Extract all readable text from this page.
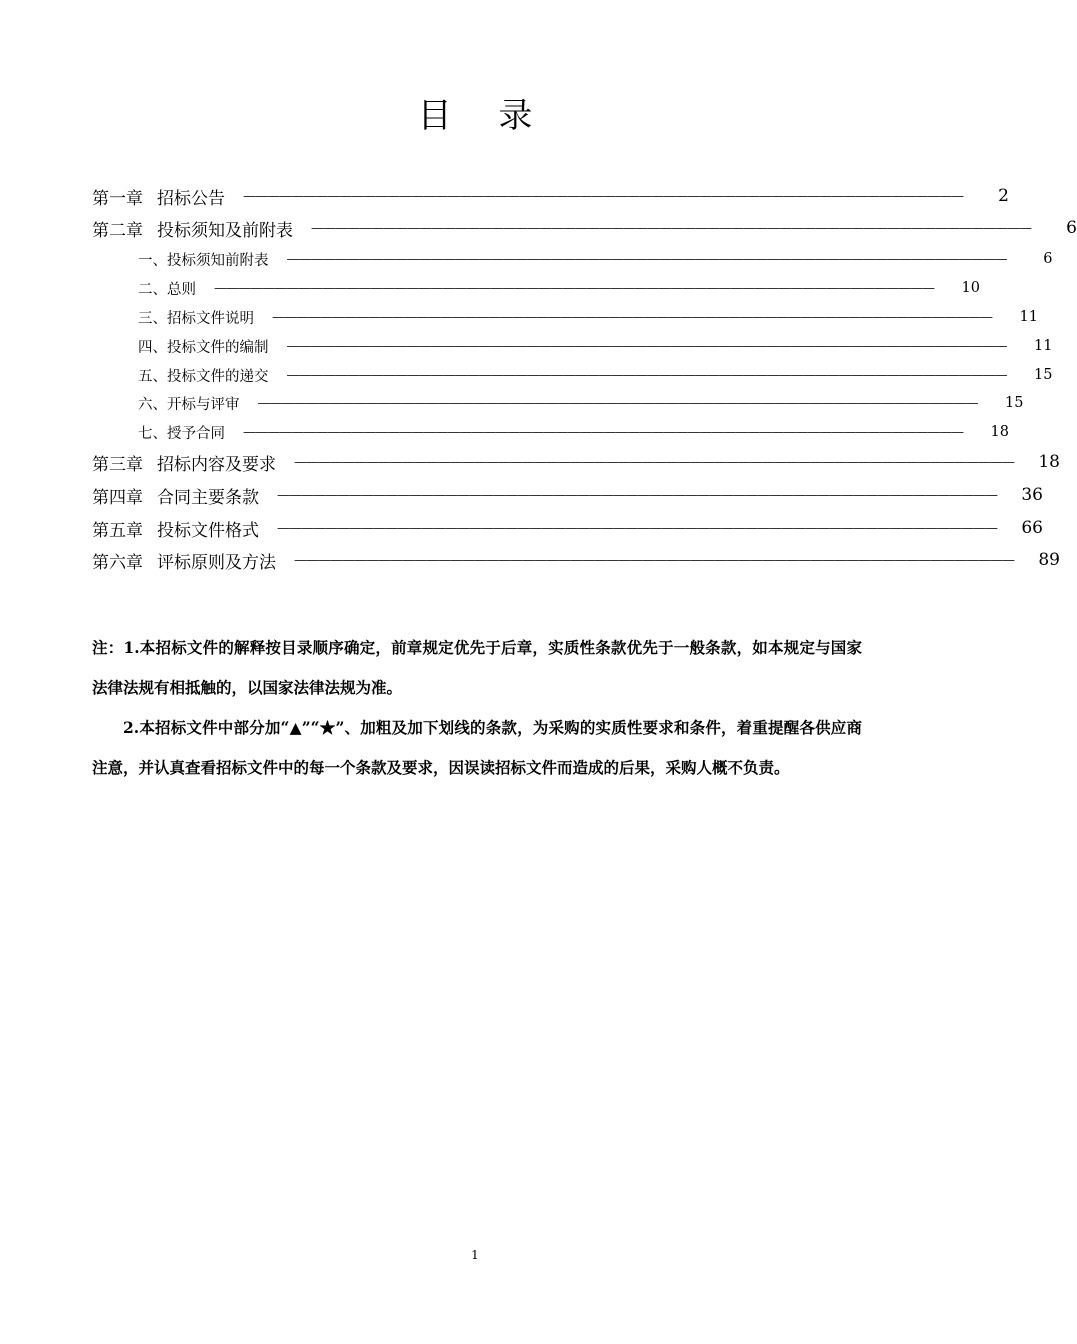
目 录
第一章 招标公告 ————————————————————————————————————————————————————————————	2
第二章 投标须知及前附表 ————————————————————————————————————————————————————————————	6
一、投标须知前附表 ————————————————————————————————————————————————————————————	6
二、总则 ————————————————————————————————————————————————————————————	10
三、招标文件说明 ————————————————————————————————————————————————————————————	11
四、投标文件的编制 ————————————————————————————————————————————————————————————	11
五、投标文件的递交 ————————————————————————————————————————————————————————————	15
六、开标与评审 ————————————————————————————————————————————————————————————	15
七、授予合同 ————————————————————————————————————————————————————————————	18
第三章 招标内容及要求 ————————————————————————————————————————————————————————————	18
第四章 合同主要条款 ————————————————————————————————————————————————————————————	36
第五章 投标文件格式 ————————————————————————————————————————————————————————————	66
第六章 评标原则及方法 ————————————————————————————————————————————————————————————	89

注：1.本招标文件的解释按目录顺序确定，前章规定优先于后章，实质性条款优先于一般条款，如本规定与国家法律法规有相抵触的，以国家法律法规为准。

2.本招标文件中部分加“▲”“★”、加粗及加下划线的条款，为采购的实质性要求和条件，着重提醒各供应商注意，并认真查看招标文件中的每一个条款及要求，因误读招标文件而造成的后果，采购人概不负责。

1
